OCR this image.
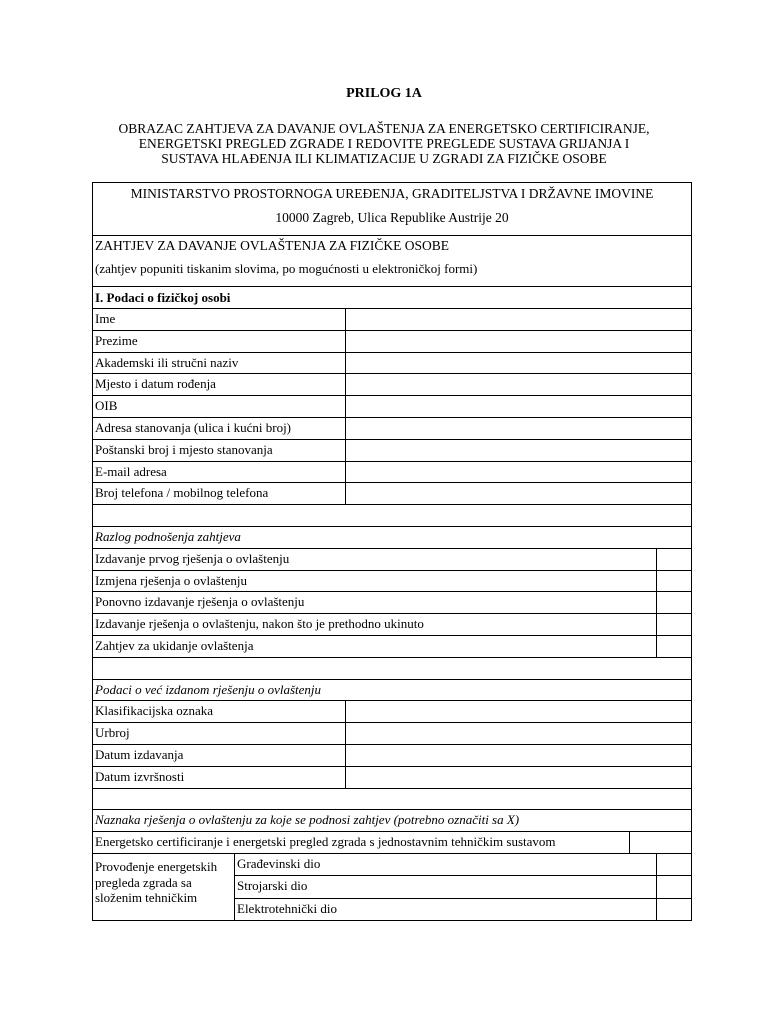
PRILOG 1A
OBRAZAC ZAHTJEVA ZA DAVANJE OVLAŠTENJA ZA ENERGETSKO CERTIFICIRANJE,
ENERGETSKI PREGLED ZGRADE I REDOVITE PREGLEDE SUSTAVA GRIJANJA I
SUSTAVA HLAĐENJA ILI KLIMATIZACIJE U ZGRADI ZA FIZIČKE OSOBE
MINISTARSTVO PROSTORNOGA UREĐENJA, GRADITELJSTVA I DRŽAVNE IMOVINE
10000 Zagreb, Ulica Republike Austrije 20
ZAHTJEV ZA DAVANJE OVLAŠTENJA ZA FIZIČKE OSOBE
(zahtjev popuniti tiskanim slovima, po mogućnosti u elektroničkoj formi)
I. Podaci o fizičkoj osobi
Ime
Prezime
Akademski ili stručni naziv
Mjesto i datum rođenja
OIB
Adresa stanovanja (ulica i kućni broj)
Poštanski broj i mjesto stanovanja
E-mail adresa
Broj telefona / mobilnog telefona
Razlog podnošenja zahtjeva
Izdavanje prvog rješenja o ovlaštenju
Izmjena rješenja o ovlaštenju
Ponovno izdavanje rješenja o ovlaštenju
Izdavanje rješenja o ovlaštenju, nakon što je prethodno ukinuto
Zahtjev za ukidanje ovlaštenja
Podaci o već izdanom rješenju o ovlaštenju
Klasifikacijska oznaka
Urbroj
Datum izdavanja
Datum izvršnosti
Naznaka rješenja o ovlaštenju za koje se podnosi zahtjev (potrebno označiti sa X)
Energetsko certificiranje i energetski pregled zgrada s jednostavnim tehničkim sustavom
Provođenje energetskih
pregleda zgrada sa
složenim tehničkim
Građevinski dio
Strojarski dio
Elektrotehnički dio
